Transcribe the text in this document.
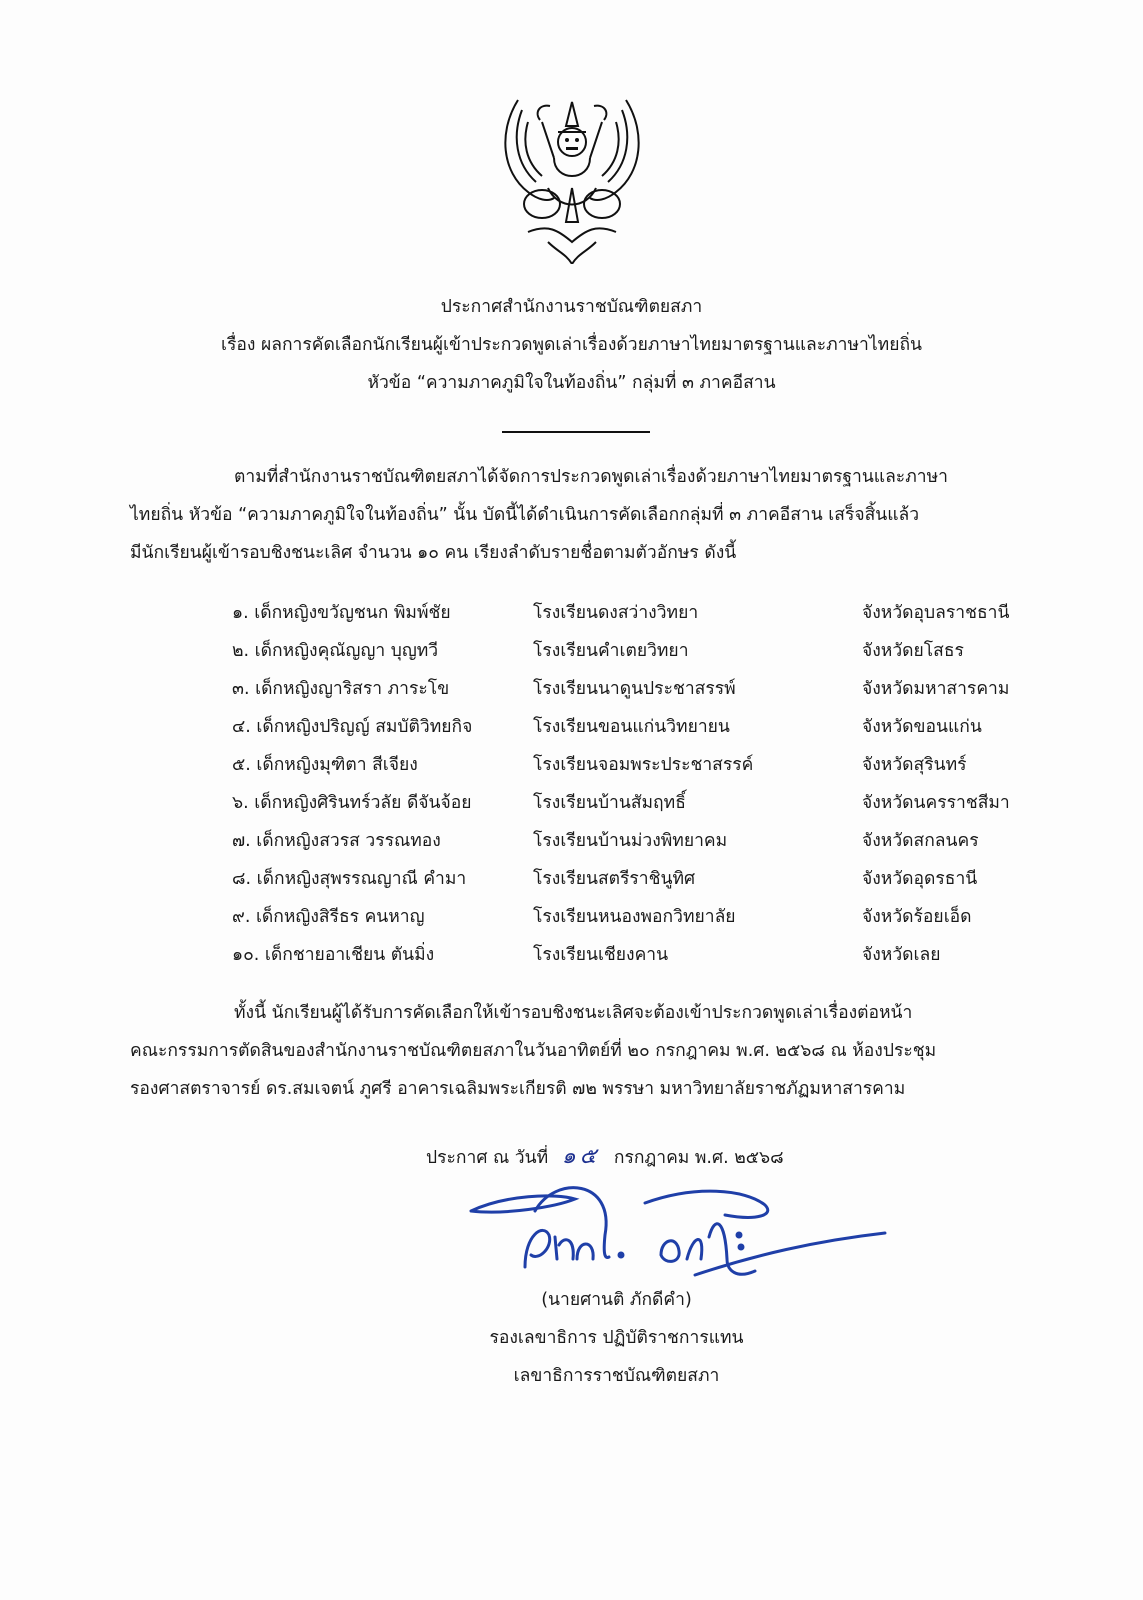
ประกาศสำนักงานราชบัณฑิตยสภา
เรื่อง ผลการคัดเลือกนักเรียนผู้เข้าประกวดพูดเล่าเรื่องด้วยภาษาไทยมาตรฐานและภาษาไทยถิ่น
หัวข้อ “ความภาคภูมิใจในท้องถิ่น” กลุ่มที่ ๓ ภาคอีสาน
ตามที่สำนักงานราชบัณฑิตยสภาได้จัดการประกวดพูดเล่าเรื่องด้วยภาษาไทยมาตรฐานและภาษา
ไทยถิ่น หัวข้อ “ความภาคภูมิใจในท้องถิ่น” นั้น บัดนี้ได้ดำเนินการคัดเลือกกลุ่มที่ ๓ ภาคอีสาน เสร็จสิ้นแล้ว
มีนักเรียนผู้เข้ารอบชิงชนะเลิศ จำนวน ๑๐ คน เรียงลำดับรายชื่อตามตัวอักษร ดังนี้
๑. เด็กหญิงขวัญชนก พิมพ์ชัย	โรงเรียนดงสว่างวิทยา	จังหวัดอุบลราชธานี
๒. เด็กหญิงคุณัญญา บุญทวี	โรงเรียนคำเตยวิทยา	จังหวัดยโสธร
๓. เด็กหญิงญาริสรา ภาระโข	โรงเรียนนาดูนประชาสรรพ์	จังหวัดมหาสารคาม
๔. เด็กหญิงปริญญ์ สมบัติวิทยกิจ	โรงเรียนขอนแก่นวิทยายน	จังหวัดขอนแก่น
๕. เด็กหญิงมุฑิตา สีเจียง	โรงเรียนจอมพระประชาสรรค์	จังหวัดสุรินทร์
๖. เด็กหญิงศิรินทร์วลัย ดีจันจ้อย	โรงเรียนบ้านสัมฤทธิ์	จังหวัดนครราชสีมา
๗. เด็กหญิงสวรส วรรณทอง	โรงเรียนบ้านม่วงพิทยาคม	จังหวัดสกลนคร
๘. เด็กหญิงสุพรรณญาณี คำมา	โรงเรียนสตรีราชินูทิศ	จังหวัดอุดรธานี
๙. เด็กหญิงสิรีธร คนหาญ	โรงเรียนหนองพอกวิทยาลัย	จังหวัดร้อยเอ็ด
๑๐. เด็กชายอาเชียน ตันมิ่ง	โรงเรียนเชียงคาน	จังหวัดเลย
ทั้งนี้ นักเรียนผู้ได้รับการคัดเลือกให้เข้ารอบชิงชนะเลิศจะต้องเข้าประกวดพูดเล่าเรื่องต่อหน้า
คณะกรรมการตัดสินของสำนักงานราชบัณฑิตยสภาในวันอาทิตย์ที่ ๒๐ กรกฎาคม พ.ศ. ๒๕๖๘ ณ ห้องประชุม
รองศาสตราจารย์ ดร.สมเจตน์ ภูศรี อาคารเฉลิมพระเกียรติ ๗๒ พรรษา มหาวิทยาลัยราชภัฏมหาสารคาม
ประกาศ ณ วันที่ ๑๕ กรกฎาคม พ.ศ. ๒๕๖๘
(นายศานติ ภักดีคำ)
รองเลขาธิการ ปฏิบัติราชการแทน
เลขาธิการราชบัณฑิตยสภา
